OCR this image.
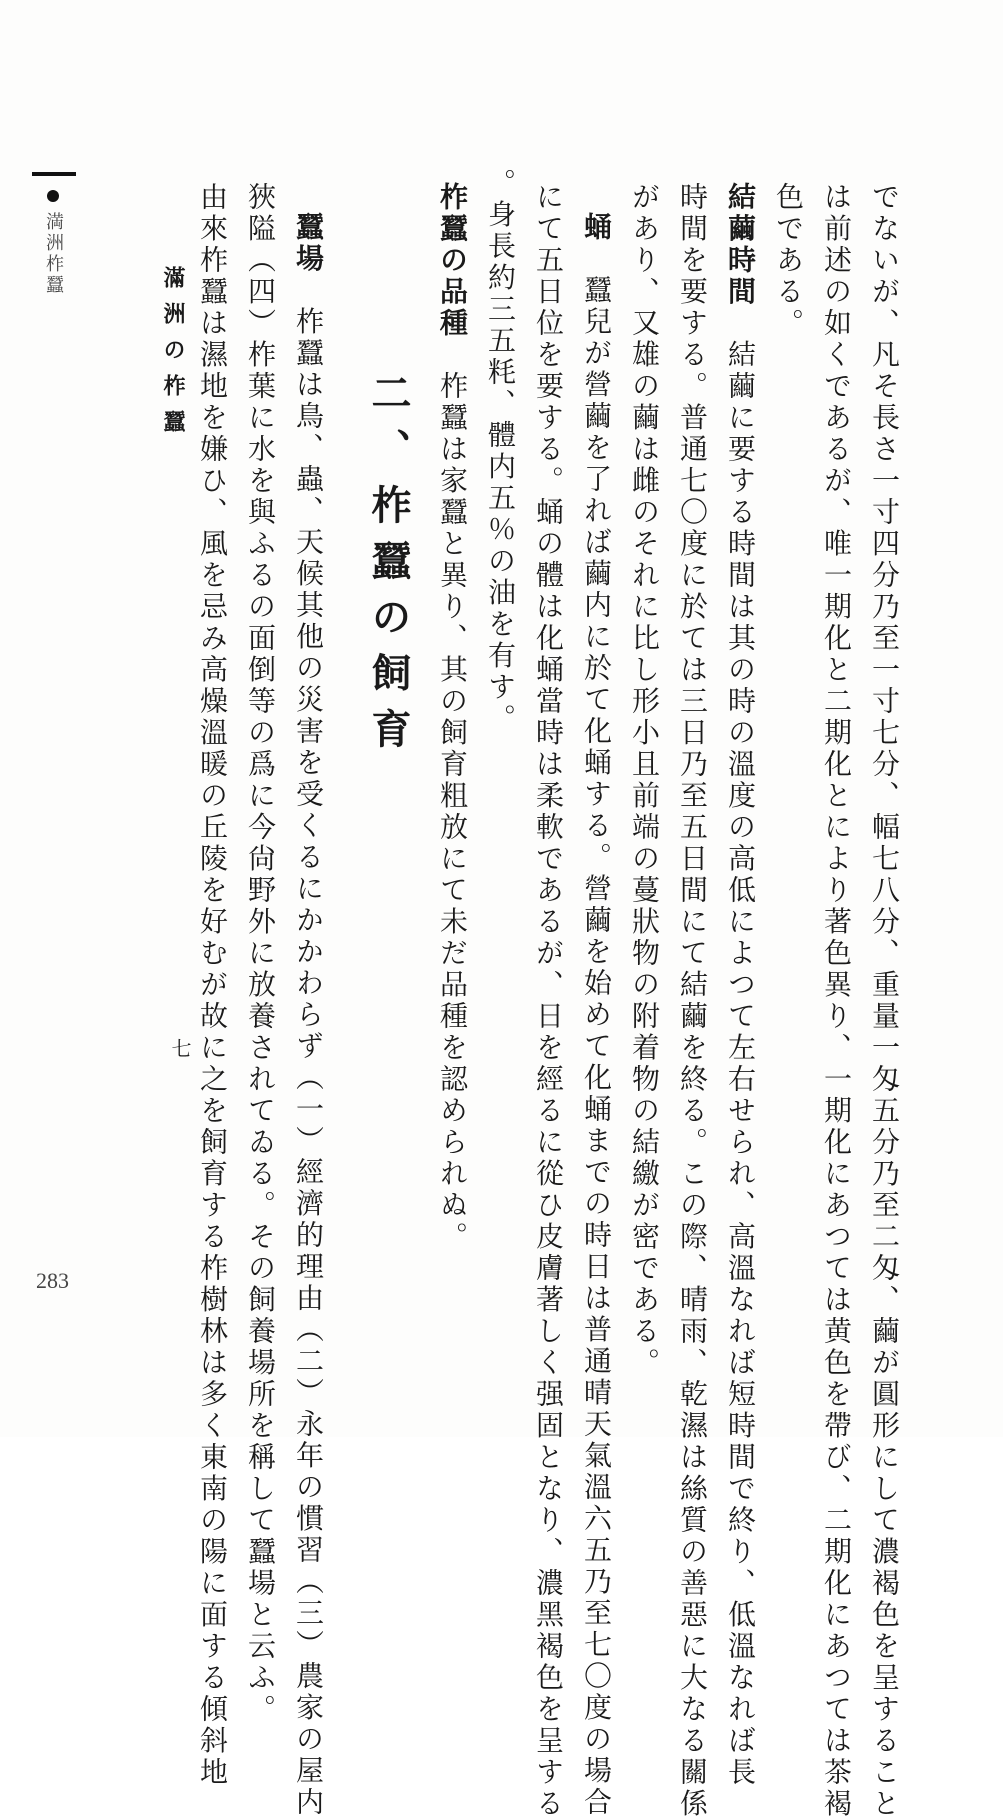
満洲柞蠶
283	でないが、凡そ長さ一寸四分乃至一寸七分、幅七八分、重量一匁五分乃至二匁、繭が圓形にして濃褐色を呈すること
は前述の如くであるが、唯一期化と二期化とにより著色異り、一期化にあつては黄色を帶び、二期化にあつては茶褐
色である。
結繭時間　結繭に要する時間は其の時の溫度の高低によつて左右せられ、高溫なれば短時間で終り、低溫なれば長
時間を要する。普通七〇度に於ては三日乃至五日間にて結繭を終る。この際、晴雨、乾濕は絲質の善惡に大なる關係
があり、又雄の繭は雌のそれに比し形小且前端の蔓狀物の附着物の結繳が密である。
蛹　蠶兒が營繭を了れば繭内に於て化蛹する。營繭を始めて化蛹までの時日は普通晴天氣溫六五乃至七〇度の場合
にて五日位を要する。蛹の體は化蛹當時は柔軟であるが、日を經るに從ひ皮膚著しく强固となり、濃黑褐色を呈する
。身長約三五粍、體内五％の油を有す。
柞蠶の品種　柞蠶は家蠶と異り、其の飼育粗放にて未だ品種を認められぬ。
二、柞蠶の飼育
蠶場　柞蠶は鳥、蟲、天候其他の災害を受くるにかかわらず（一）經濟的理由（二）永年の慣習（三）農家の屋内
狹隘（四）柞葉に水を與ふるの面倒等の爲に今尙野外に放養されてゐる。その飼養場所を稱して蠶場と云ふ。
由來柞蠶は濕地を嫌ひ、風を忌み高燥溫暖の丘陵を好むが故に之を飼育する柞樹林は多く東南の陽に面する傾斜地
滿洲の柞蠶
七
